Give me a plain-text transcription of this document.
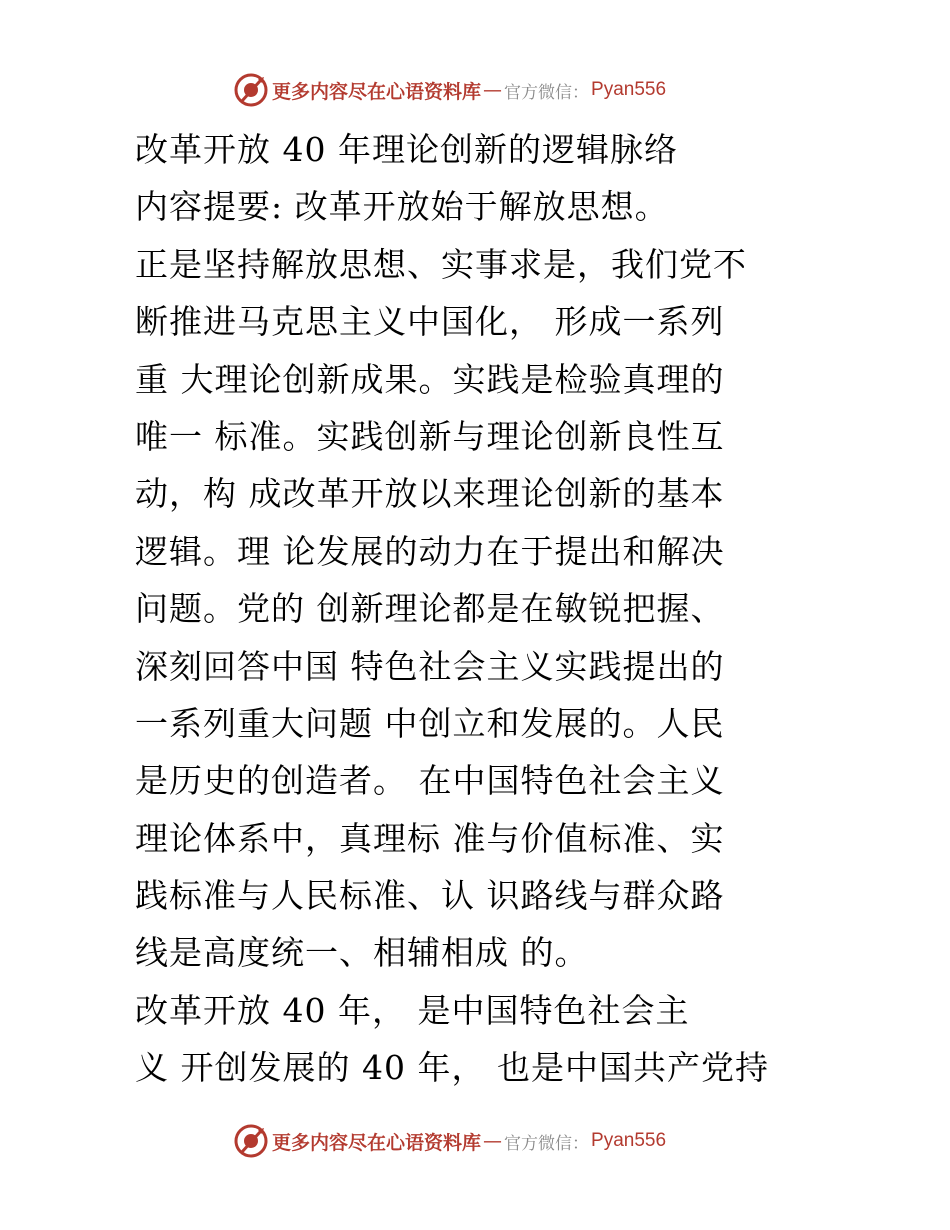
更多内容尽在心语资料库 — 官方微信： Pyan556
改革开放 40 年理论创新的逻辑脉络
内容提要: 改革开放始于解放思想。
正是坚持解放思想、实事求是，我们党不
断推进马克思主义中国化， 形成一系列
重 大理论创新成果。实践是检验真理的
唯一 标准。实践创新与理论创新良性互
动，构 成改革开放以来理论创新的基本
逻辑。理 论发展的动力在于提出和解决
问题。党的 创新理论都是在敏锐把握、
深刻回答中国 特色社会主义实践提出的
一系列重大问题 中创立和发展的。人民
是历史的创造者。 在中国特色社会主义
理论体系中，真理标 准与价值标准、实
践标准与人民标准、认 识路线与群众路
线是高度统一、相辅相成 的。
改革开放 40 年， 是中国特色社会主
义 开创发展的 40 年， 也是中国共产党持
更多内容尽在心语资料库 — 官方微信： Pyan556
